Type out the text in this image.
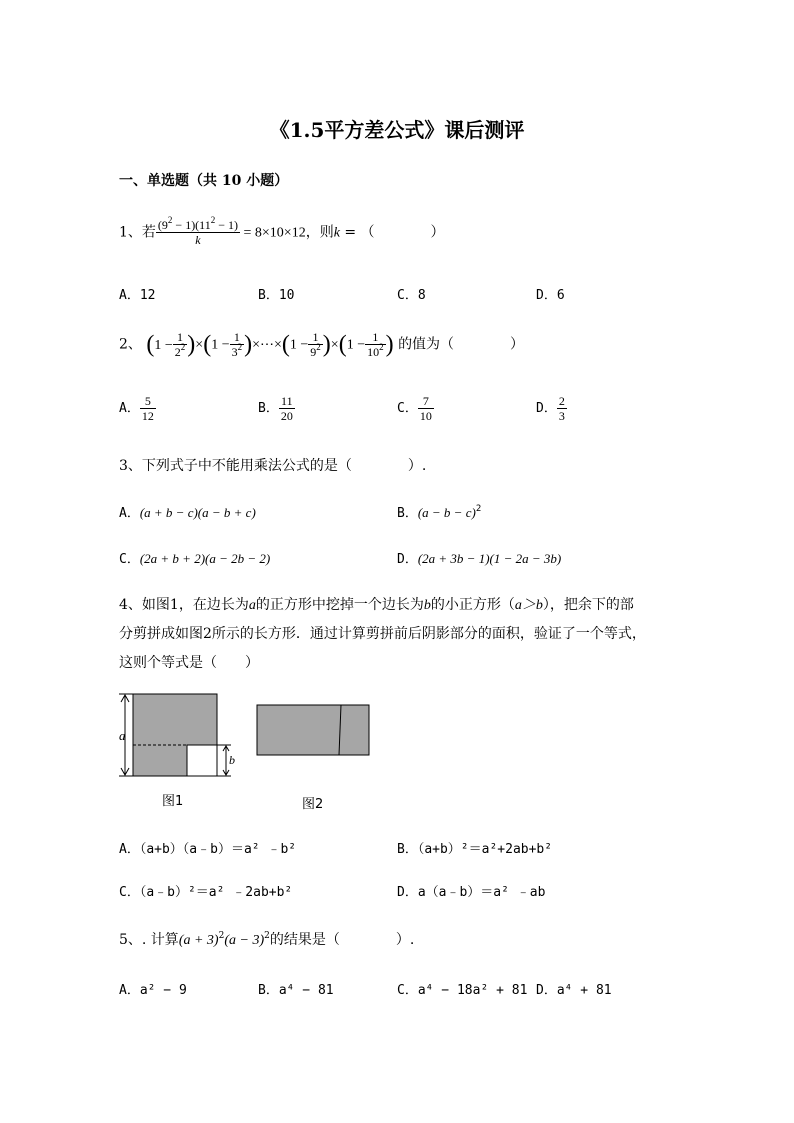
《1.5平方差公式》课后测评
一、单选题（共 10 小题）
1、若 $\frac{(9^2 - 1)(11^2 - 1)}{k} = 8\times 10\times 12$，则k = （　　　　）
A．12	B．10	C．8	D．6
2、 $(1 - \frac{1}{2^2} )\times(1 - \frac{1}{3^2}$ )×⋯×(1 − $\frac{1}{9^2} )\times(1 - \frac{1}{10^2}$ ) 的值为（　　　　）
A． $\frac{5}{12}$	B． $\frac{11}{20}$	C． $\frac{7}{10}$	D． $\frac{2}{3}$
3、下列式子中不能用乘法公式的是（　　　　）.
A．(a + b − c)(a − b + c)	B．$(a - b - c)^2$
C．(2a + b + 2)(a − 2b − 2)	D．(2a + 3b − 1)(1 − 2a − 3b)
4、如图1，在边长为a的正方形中挖掉一个边长为b的小正方形（a＞b），把余下的部
分剪拼成如图2所示的长方形．通过计算剪拼前后阴影部分的面积，验证了一个等式，
这则个等式是（　　）
a
b
图1	图2
A．（a+b）（a﹣b）＝a² ﹣b²	B．（a+b）²＝a²+2ab+b²
C．（a﹣b）²＝a² ﹣2ab+b²	D．a（a﹣b）＝a² ﹣ab
5、. 计算$(a + 3)^2(a - 3)^2$的结果是（　　　　）.
A．a² − 9	B．a⁴ − 81	C．a⁴ − 18a² + 81 D．a⁴ + 81
